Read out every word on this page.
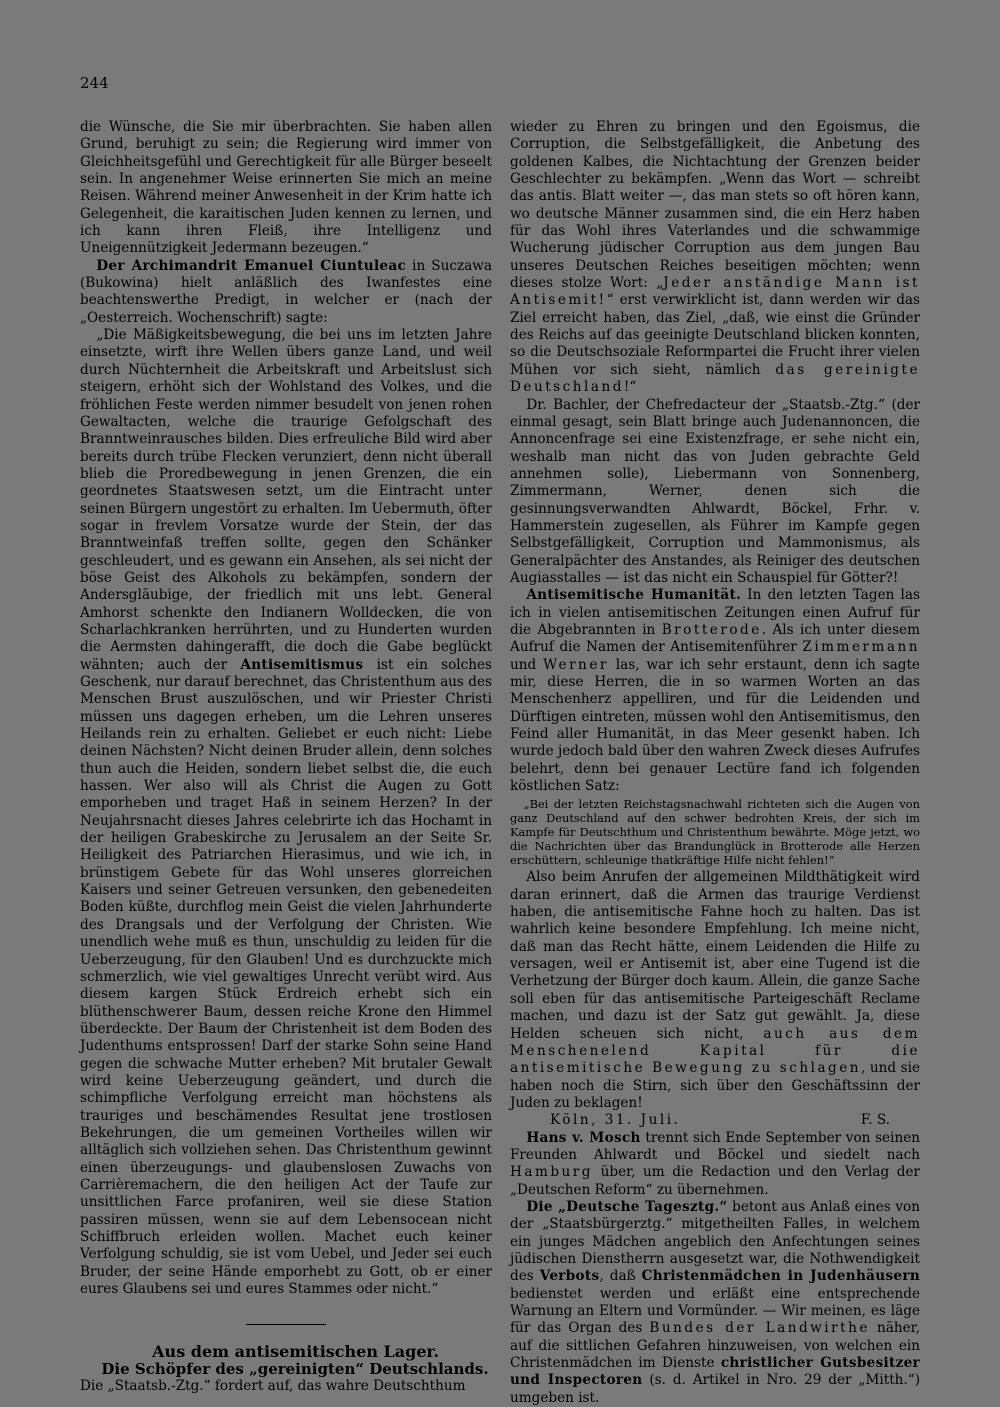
244

die Wünsche, die Sie mir überbrachten. Sie haben allen Grund, beruhigt zu sein; die Regierung wird immer von Gleichheitsgefühl und Gerechtigkeit für alle Bürger beseelt sein. In angenehmer Weise erinnerten Sie mich an meine Reisen. Während meiner Anwesenheit in der Krim hatte ich Gelegenheit, die karaitischen Juden kennen zu lernen, und ich kann ihren Fleiß, ihre Intelligenz und Uneigennützigkeit Jedermann bezeugen.“

Der Archimandrit Emanuel Ciuntuleac in Suczawa (Bukowina) hielt anläßlich des Iwanfestes eine beachtenswerthe Predigt, in welcher er (nach der „Oesterreich. Wochenschrift) sagte:

„Die Mäßigkeitsbewegung, die bei uns im letzten Jahre einsetzte, wirft ihre Wellen übers ganze Land, und weil durch Nüchternheit die Arbeitskraft und Arbeitslust sich steigern, erhöht sich der Wohlstand des Volkes, und die fröhlichen Feste werden nimmer besudelt von jenen rohen Gewaltacten, welche die traurige Gefolgschaft des Branntweinrausches bilden. Dies erfreuliche Bild wird aber bereits durch trübe Flecken verunziert, denn nicht überall blieb die Proredbewegung in jenen Grenzen, die ein geordnetes Staatswesen setzt, um die Eintracht unter seinen Bürgern ungestört zu erhalten. Im Uebermuth, öfter sogar in frevlem Vorsatze wurde der Stein, der das Branntweinfaß treffen sollte, gegen den Schänker geschleudert, und es gewann ein Ansehen, als sei nicht der böse Geist des Alkohols zu bekämpfen, sondern der Andersgläubige, der friedlich mit uns lebt. General Amhorst schenkte den Indianern Wolldecken, die von Scharlachkranken herrührten, und zu Hunderten wurden die Aermsten dahingerafft, die doch die Gabe beglückt wähnten; auch der Antisemitismus ist ein solches Geschenk, nur darauf berechnet, das Christenthum aus des Menschen Brust auszulöschen, und wir Priester Christi müssen uns dagegen erheben, um die Lehren unseres Heilands rein zu erhalten. Geliebet er euch nicht: Liebe deinen Nächsten? Nicht deinen Bruder allein, denn solches thun auch die Heiden, sondern liebet selbst die, die euch hassen. Wer also will als Christ die Augen zu Gott emporheben und traget Haß in seinem Herzen? In der Neujahrsnacht dieses Jahres celebrirte ich das Hochamt in der heiligen Grabeskirche zu Jerusalem an der Seite Sr. Heiligkeit des Patriarchen Hierasimus, und wie ich, in brünstigem Gebete für das Wohl unseres glorreichen Kaisers und seiner Getreuen versunken, den gebenedeiten Boden küßte, durchflog mein Geist die vielen Jahrhunderte des Drangsals und der Verfolgung der Christen. Wie unendlich wehe muß es thun, unschuldig zu leiden für die Ueberzeugung, für den Glauben! Und es durchzuckte mich schmerzlich, wie viel gewaltiges Unrecht verübt wird. Aus diesem kargen Stück Erdreich erhebt sich ein blüthenschwerer Baum, dessen reiche Krone den Himmel überdeckte. Der Baum der Christenheit ist dem Boden des Judenthums entsprossen! Darf der starke Sohn seine Hand gegen die schwache Mutter erheben? Mit brutaler Gewalt wird keine Ueberzeugung geändert, und durch die schimpfliche Verfolgung erreicht man höchstens als trauriges und beschämendes Resultat jene trostlosen Bekehrungen, die um gemeinen Vortheiles willen wir alltäglich sich vollziehen sehen. Das Christenthum gewinnt einen überzeugungs- und glaubenslosen Zuwachs von Carrièremachern, die den heiligen Act der Taufe zur unsittlichen Farce profaniren, weil sie diese Station passiren müssen, wenn sie auf dem Lebensocean nicht Schiffbruch erleiden wollen. Machet euch keiner Verfolgung schuldig, sie ist vom Uebel, und Jeder sei euch Bruder, der seine Hände emporhebt zu Gott, ob er einer eures Glaubens sei und eures Stammes oder nicht.“

Aus dem antisemitischen Lager.

Die Schöpfer des „gereinigten“ Deutschlands.

Die „Staatsb.-Ztg.“ fordert auf, das wahre Deutschthum

wieder zu Ehren zu bringen und den Egoismus, die Corruption, die Selbstgefälligkeit, die Anbetung des goldenen Kalbes, die Nichtachtung der Grenzen beider Geschlechter zu bekämpfen. „Wenn das Wort — schreibt das antis. Blatt weiter —, das man stets so oft hören kann, wo deutsche Männer zusammen sind, die ein Herz haben für das Wohl ihres Vaterlandes und die schwammige Wucherung jüdischer Corruption aus dem jungen Bau unseres Deutschen Reiches beseitigen möchten; wenn dieses stolze Wort: „Jeder anständige Mann ist Antisemit!“ erst verwirklicht ist, dann werden wir das Ziel erreicht haben, das Ziel, „daß, wie einst die Gründer des Reichs auf das geeinigte Deutschland blicken konnten, so die Deutschsoziale Reformpartei die Frucht ihrer vielen Mühen vor sich sieht, nämlich das gereinigte Deutschland!“

Dr. Bachler, der Chefredacteur der „Staatsb.-Ztg.“ (der einmal gesagt, sein Blatt bringe auch Judenannoncen, die Annoncenfrage sei eine Existenzfrage, er sehe nicht ein, weshalb man nicht das von Juden gebrachte Geld annehmen solle), Liebermann von Sonnenberg, Zimmermann, Werner, denen sich die gesinnungsverwandten Ahlwardt, Böckel, Frhr. v. Hammerstein zugesellen, als Führer im Kampfe gegen Selbstgefälligkeit, Corruption und Mammonismus, als Generalpächter des Anstandes, als Reiniger des deutschen Augiasstalles — ist das nicht ein Schauspiel für Götter?!

Antisemitische Humanität. In den letzten Tagen las ich in vielen antisemitischen Zeitungen einen Aufruf für die Abgebrannten in Brotterode. Als ich unter diesem Aufruf die Namen der Antisemitenführer Zimmermann und Werner las, war ich sehr erstaunt, denn ich sagte mir, diese Herren, die in so warmen Worten an das Menschenherz appelliren, und für die Leidenden und Dürftigen eintreten, müssen wohl den Antisemitismus, den Feind aller Humanität, in das Meer gesenkt haben. Ich wurde jedoch bald über den wahren Zweck dieses Aufrufes belehrt, denn bei genauer Lectüre fand ich folgenden köstlichen Satz:

„Bei der letzten Reichstagsnachwahl richteten sich die Augen von ganz Deutschland auf den schwer bedrohten Kreis, der sich im Kampfe für Deutschthum und Christenthum bewährte. Möge jetzt, wo die Nachrichten über das Brandunglück in Brotterode alle Herzen erschüttern, schleunige thatkräftige Hilfe nicht fehlen!“

Also beim Anrufen der allgemeinen Mildthätigkeit wird daran erinnert, daß die Armen das traurige Verdienst haben, die antisemitische Fahne hoch zu halten. Das ist wahrlich keine besondere Empfehlung. Ich meine nicht, daß man das Recht hätte, einem Leidenden die Hilfe zu versagen, weil er Antisemit ist, aber eine Tugend ist die Verhetzung der Bürger doch kaum. Allein, die ganze Sache soll eben für das antisemitische Parteigeschäft Reclame machen, und dazu ist der Satz gut gewählt. Ja, diese Helden scheuen sich nicht, auch aus dem Menschenelend Kapital für die antisemitische Bewegung zu schlagen, und sie haben noch die Stirn, sich über den Geschäftssinn der Juden zu beklagen!

Köln, 31. Juli.	F. S.

Hans v. Mosch trennt sich Ende September von seinen Freunden Ahlwardt und Böckel und siedelt nach Hamburg über, um die Redaction und den Verlag der „Deutschen Reform“ zu übernehmen.

Die „Deutsche Tagesztg.“ betont aus Anlaß eines von der „Staatsbürgerztg.“ mitgetheilten Falles, in welchem ein junges Mädchen angeblich den Anfechtungen seines jüdischen Dienstherrn ausgesetzt war, die Nothwendigkeit des Verbots, daß Christenmädchen in Judenhäusern bedienstet werden und erläßt eine entsprechende Warnung an Eltern und Vormünder. — Wir meinen, es läge für das Organ des Bundes der Landwirthe näher, auf die sittlichen Gefahren hinzuweisen, von welchen ein Christenmädchen im Dienste christlicher Gutsbesitzer und Inspectoren (s. d. Artikel in Nro. 29 der „Mitth.“) umgeben ist.
